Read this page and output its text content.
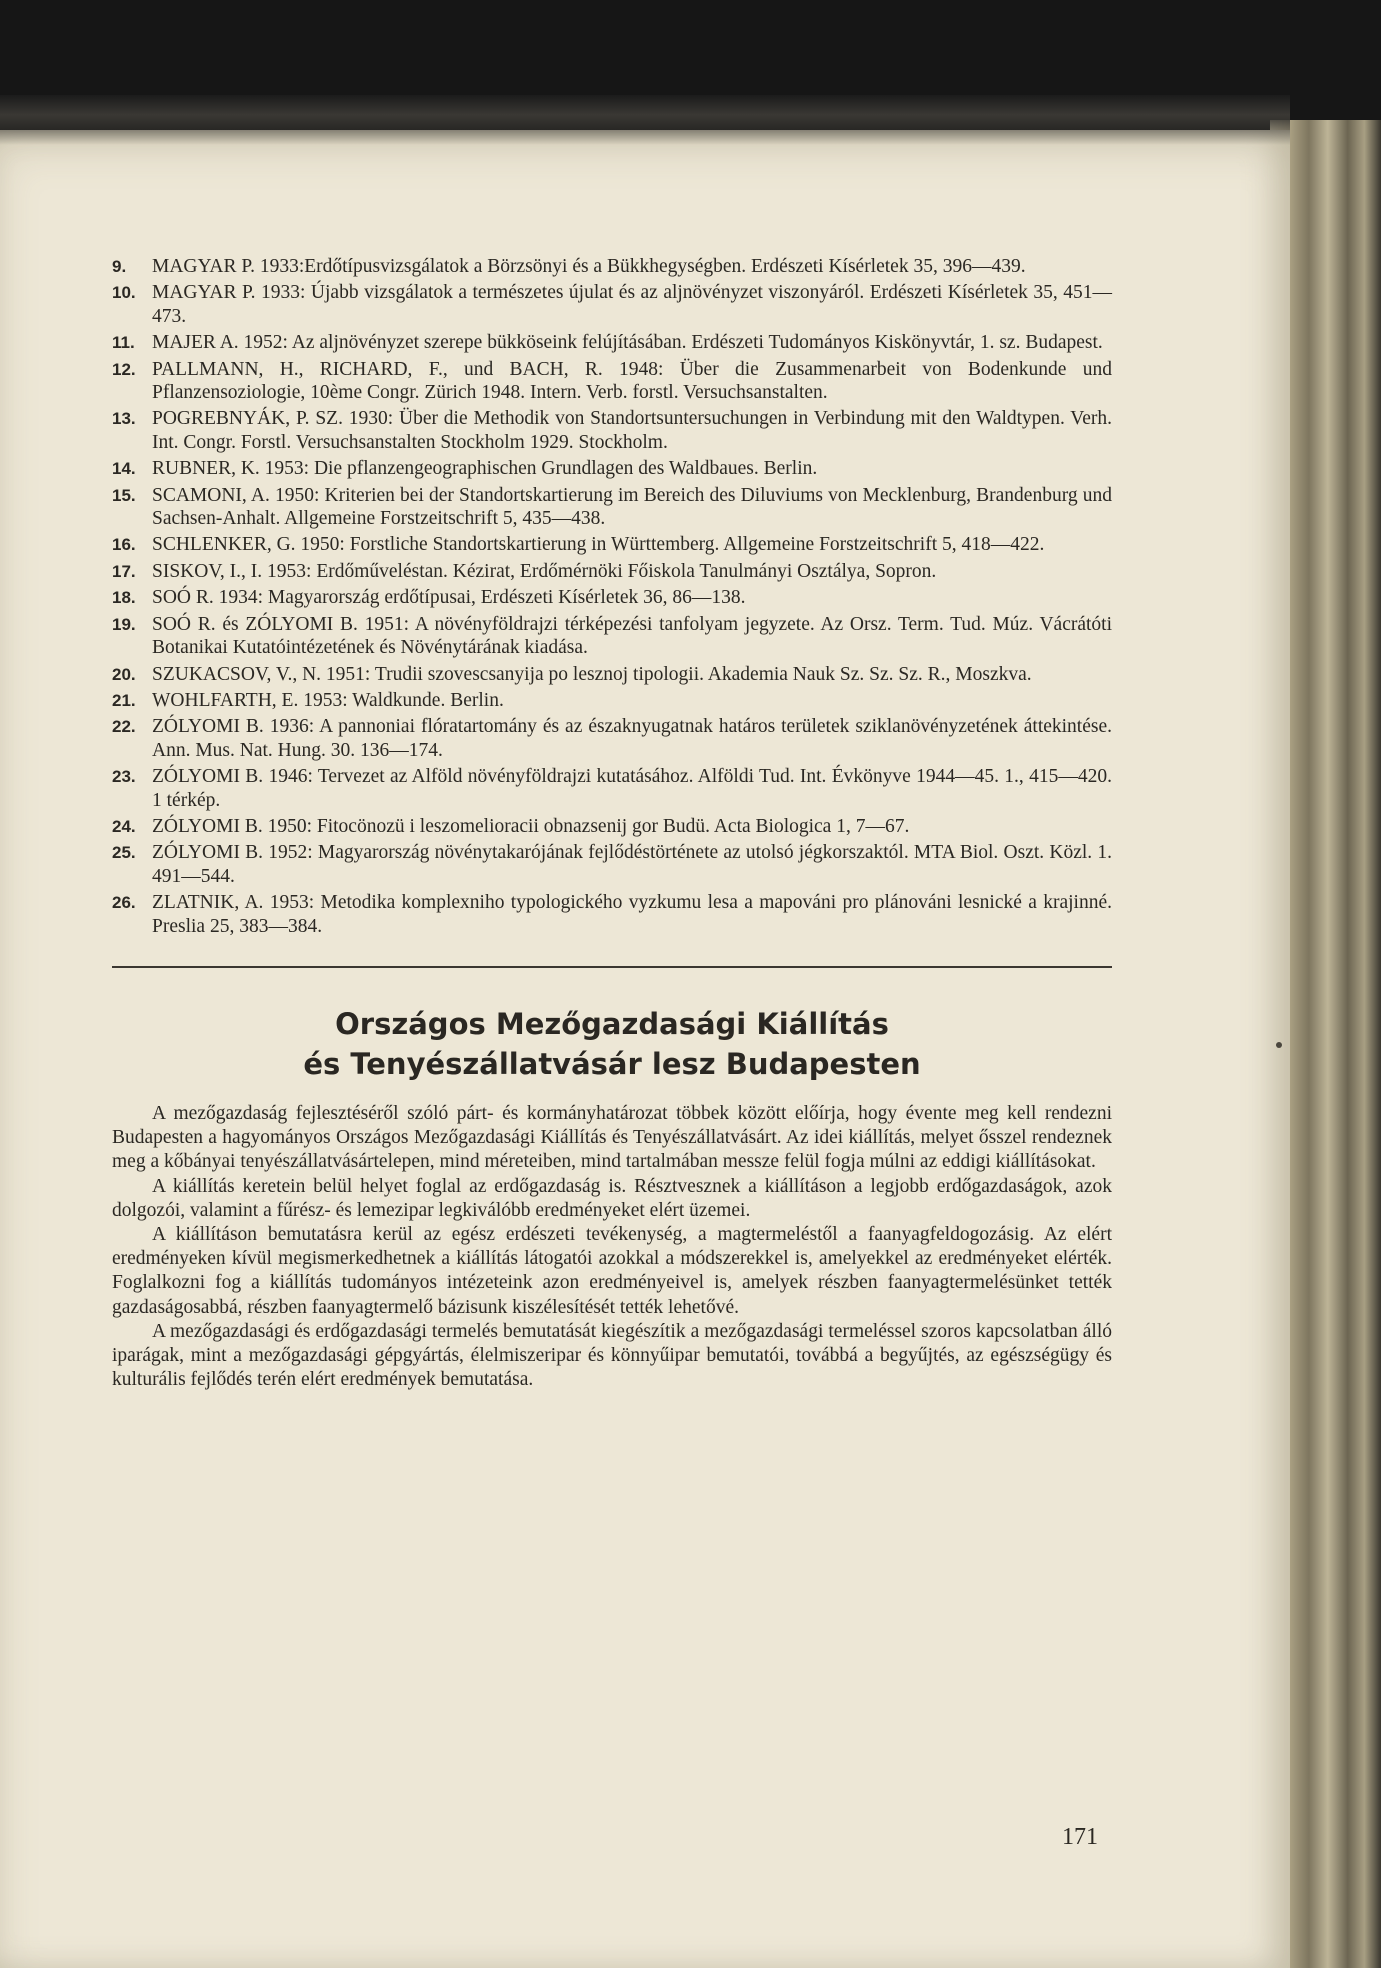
9. MAGYAR P. 1933:Erdőtípusvizsgálatok a Börzsönyi és a Bükkhegységben. Erdészeti Kísérletek 35, 396—439.
10. MAGYAR P. 1933: Újabb vizsgálatok a természetes újulat és az aljnövényzet viszonyáról. Erdészeti Kísérletek 35, 451—473.
11. MAJER A. 1952: Az aljnövényzet szerepe bükköseink felújításában. Erdészeti Tudományos Kiskönyvtár, 1. sz. Budapest.
12. PALLMANN, H., RICHARD, F., und BACH, R. 1948: Über die Zusammenarbeit von Bodenkunde und Pflanzensoziologie, 10ème Congr. Zürich 1948. Intern. Verb. forstl. Versuchsanstalten.
13. POGREBNYÁK, P. SZ. 1930: Über die Methodik von Standortsuntersuchungen in Verbindung mit den Waldtypen. Verh. Int. Congr. Forstl. Versuchsanstalten Stockholm 1929. Stockholm.
14. RUBNER, K. 1953: Die pflanzengeographischen Grundlagen des Waldbaues. Berlin.
15. SCAMONI, A. 1950: Kriterien bei der Standortskartierung im Bereich des Diluviums von Mecklenburg, Brandenburg und Sachsen-Anhalt. Allgemeine Forstzeitschrift 5, 435—438.
16. SCHLENKER, G. 1950: Forstliche Standortskartierung in Württemberg. Allgemeine Forstzeitschrift 5, 418—422.
17. SISKOV, I., I. 1953: Erdőműveléstan. Kézirat, Erdőmérnöki Főiskola Tanulmányi Osztálya, Sopron.
18. SOÓ R. 1934: Magyarország erdőtípusai, Erdészeti Kísérletek 36, 86—138.
19. SOÓ R. és ZÓLYOMI B. 1951: A növényföldrajzi térképezési tanfolyam jegyzete. Az Orsz. Term. Tud. Múz. Vácrátóti Botanikai Kutatóintézetének és Növénytárának kiadása.
20. SZUKACSOV, V., N. 1951: Trudii szovescsanyija po lesznoj tipologii. Akademia Nauk Sz. Sz. Sz. R., Moszkva.
21. WOHLFARTH, E. 1953: Waldkunde. Berlin.
22. ZÓLYOMI B. 1936: A pannoniai flóratartomány és az északnyugatnak határos területek sziklanövényzetének áttekintése. Ann. Mus. Nat. Hung. 30. 136—174.
23. ZÓLYOMI B. 1946: Tervezet az Alföld növényföldrajzi kutatásához. Alföldi Tud. Int. Évkönyve 1944—45. 1., 415—420. 1 térkép.
24. ZÓLYOMI B. 1950: Fitocönozü i leszomelioracii obnazsenij gor Budü. Acta Biologica 1, 7—67.
25. ZÓLYOMI B. 1952: Magyarország növénytakarójának fejlődéstörténete az utolsó jégkorszaktól. MTA Biol. Oszt. Közl. 1. 491—544.
26. ZLATNIK, A. 1953: Metodika komplexniho typologického vyzkumu lesa a mapováni pro plánováni lesnické a krajinné. Preslia 25, 383—384.
Országos Mezőgazdasági Kiállítás
és Tenyészállatvásár lesz Budapesten

A mezőgazdaság fejlesztéséről szóló párt- és kormányhatározat többek között előírja, hogy évente meg kell rendezni Budapesten a hagyományos Országos Mezőgazdasági Kiállítás és Tenyészállatvásárt. Az idei kiállítás, melyet ősszel rendeznek meg a kőbányai tenyészállatvásártelepen, mind méreteiben, mind tartalmában messze felül fogja múlni az eddigi kiállításokat.

A kiállítás keretein belül helyet foglal az erdőgazdaság is. Résztvesznek a kiállításon a legjobb erdőgazdaságok, azok dolgozói, valamint a fűrész- és lemezipar legkiválóbb eredményeket elért üzemei.

A kiállításon bemutatásra kerül az egész erdészeti tevékenység, a magtermeléstől a faanyagfeldogozásig. Az elért eredményeken kívül megismerkedhetnek a kiállítás látogatói azokkal a módszerekkel is, amelyekkel az eredményeket elérték. Foglalkozni fog a kiállítás tudományos intézeteink azon eredményeivel is, amelyek részben faanyagtermelésünket tették gazdaságosabbá, részben faanyagtermelő bázisunk kiszélesítését tették lehetővé.

A mezőgazdasági és erdőgazdasági termelés bemutatását kiegészítik a mezőgazdasági termeléssel szoros kapcsolatban álló iparágak, mint a mezőgazdasági gépgyártás, élelmiszeripar és könnyűipar bemutatói, továbbá a begyűjtés, az egészségügy és kulturális fejlődés terén elért eredmények bemutatása.

171
